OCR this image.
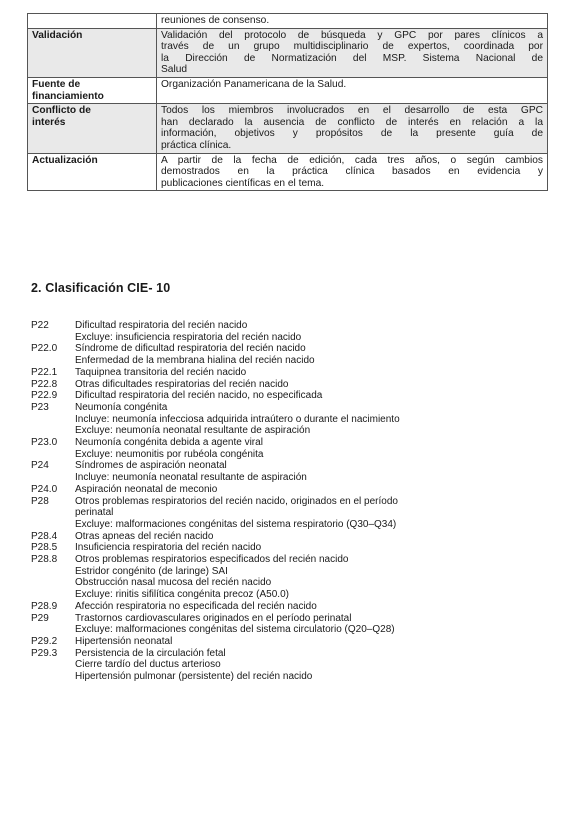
	reuniones de consenso.

Validación	Validación del protocolo de búsqueda y GPC por pares clínicos a
través de un grupo multidisciplinario de expertos, coordinada por
la Dirección de Normatización del MSP. Sistema Nacional de
Salud

Fuente de
financiamiento	Organización Panamericana de la Salud.

Conflicto de
interés	Todos los miembros involucrados en el desarrollo de esta GPC
han declarado la ausencia de conflicto de interés en relación a la
información, objetivos y propósitos de la presente guía de
práctica clínica.

Actualización	A partir de la fecha de edición, cada tres años, o según cambios
demostrados en la práctica clínica basados en evidencia y
publicaciones científicas en el tema.
2. Clasificación CIE- 10
P22	Dificultad respiratoria del recién nacido
Excluye: insuficiencia respiratoria del recién nacido
P22.0	Síndrome de dificultad respiratoria del recién nacido
Enfermedad de la membrana hialina del recién nacido
P22.1	Taquipnea transitoria del recién nacido
P22.8	Otras dificultades respiratorias del recién nacido
P22.9	Dificultad respiratoria del recién nacido, no especificada
P23	Neumonía congénita
Incluye: neumonía infecciosa adquirida intraútero o durante el nacimiento
Excluye: neumonía neonatal resultante de aspiración
P23.0	Neumonía congénita debida a agente viral
Excluye: neumonitis por rubéola congénita
P24	Síndromes de aspiración neonatal
Incluye: neumonía neonatal resultante de aspiración
P24.0	Aspiración neonatal de meconio
P28	Otros problemas respiratorios del recién nacido, originados en el período
perinatal
Excluye: malformaciones congénitas del sistema respiratorio (Q30–Q34)
P28.4	Otras apneas del recién nacido
P28.5	Insuficiencia respiratoria del recién nacido
P28.8	Otros problemas respiratorios especificados del recién nacido
Estridor congénito (de laringe) SAI
Obstrucción nasal mucosa del recién nacido
Excluye: rinitis sifilítica congénita precoz (A50.0)
P28.9	Afección respiratoria no especificada del recién nacido
P29	Trastornos cardiovasculares originados en el período perinatal
Excluye: malformaciones congénitas del sistema circulatorio (Q20–Q28)
P29.2	Hipertensión neonatal
P29.3	Persistencia de la circulación fetal
Cierre tardío del ductus arterioso
Hipertensión pulmonar (persistente) del recién nacido
